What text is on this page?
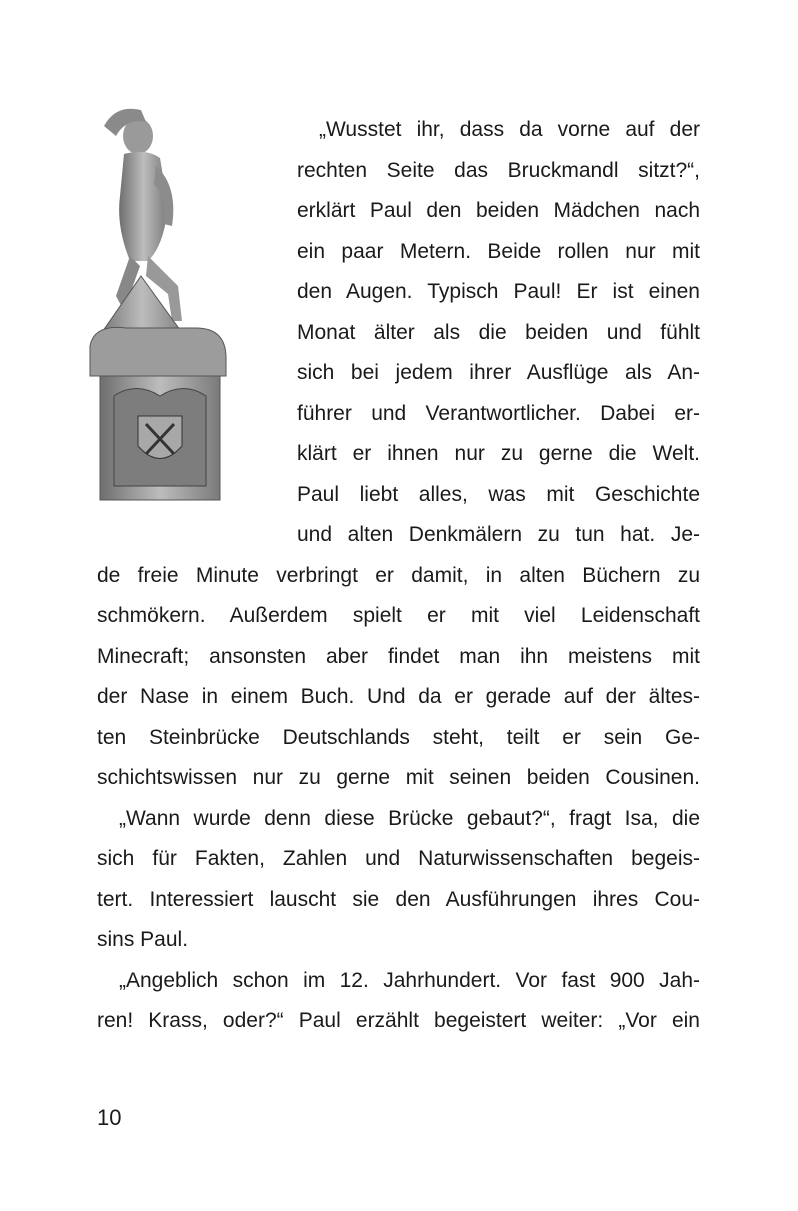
„Wusstet ihr, dass da vorne auf der
rechten Seite das Bruckmandl sitzt?“,
erklärt Paul den beiden Mädchen nach
ein paar Metern. Beide rollen nur mit
den Augen. Typisch Paul! Er ist einen
Monat älter als die beiden und fühlt
sich bei jedem ihrer Ausflüge als An-
führer und Verantwortlicher. Dabei er-
klärt er ihnen nur zu gerne die Welt.
Paul liebt alles, was mit Geschichte
und alten Denkmälern zu tun hat. Je-
de freie Minute verbringt er damit, in alten Büchern zu
schmökern. Außerdem spielt er mit viel Leidenschaft
Minecraft; ansonsten aber findet man ihn meistens mit
der Nase in einem Buch. Und da er gerade auf der ältes-
ten Steinbrücke Deutschlands steht, teilt er sein Ge-
schichtswissen nur zu gerne mit seinen beiden Cousinen.
„Wann wurde denn diese Brücke gebaut?“, fragt Isa, die
sich für Fakten, Zahlen und Naturwissenschaften begeis-
tert. Interessiert lauscht sie den Ausführungen ihres Cou-
sins Paul.
„Angeblich schon im 12. Jahrhundert. Vor fast 900 Jah-
ren! Krass, oder?“ Paul erzählt begeistert weiter: „Vor ein
10
